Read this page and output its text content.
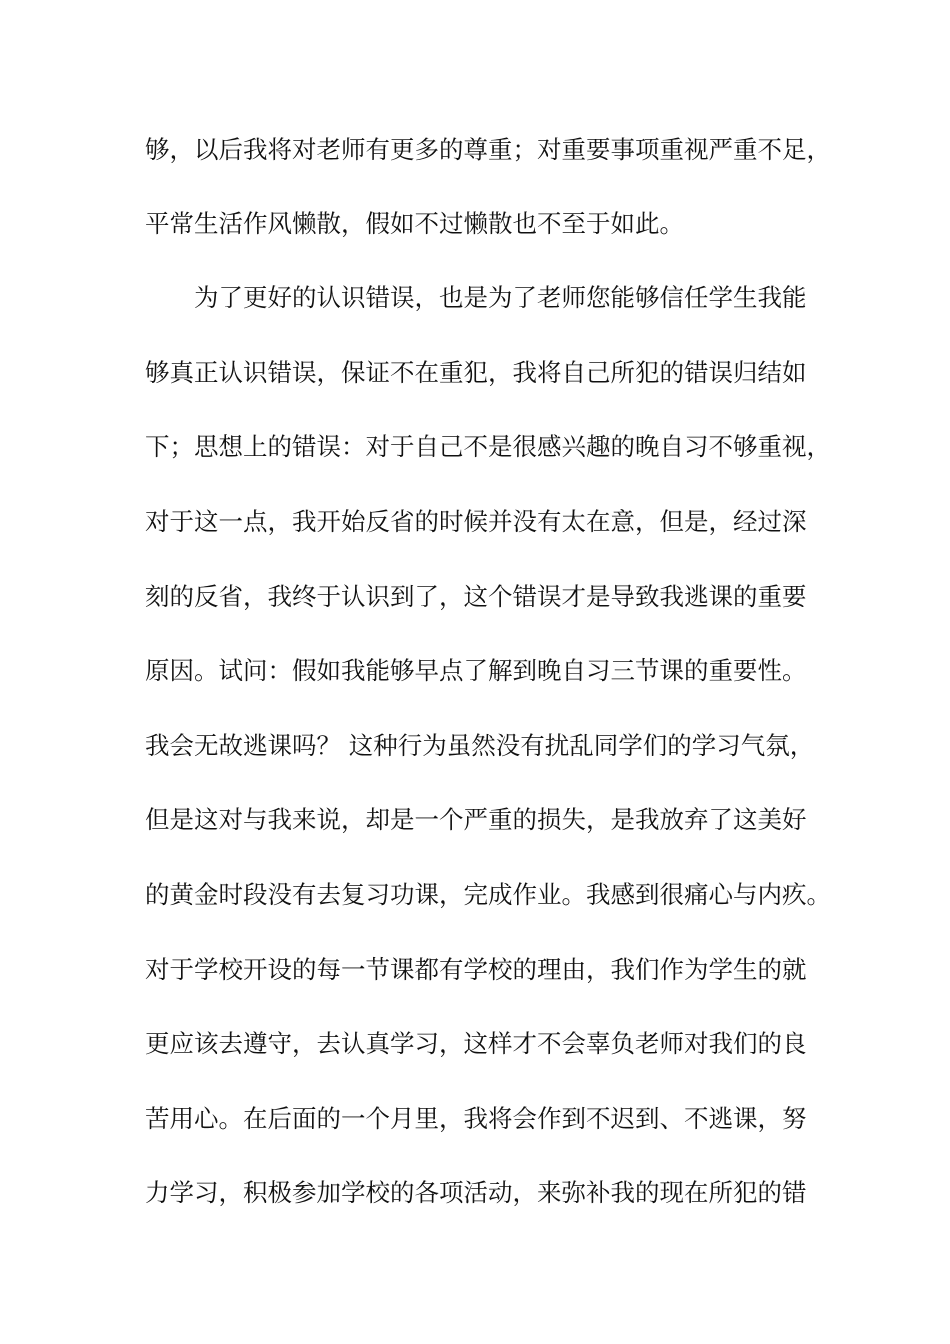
够，以后我将对老师有更多的尊重；对重要事项重视严重不足，
平常生活作风懒散，假如不过懒散也不至于如此。
为了更好的认识错误，也是为了老师您能够信任学生我能
够真正认识错误，保证不在重犯，我将自己所犯的错误归结如
下；思想上的错误：对于自己不是很感兴趣的晚自习不够重视，
对于这一点，我开始反省的时候并没有太在意，但是，经过深
刻的反省，我终于认识到了，这个错误才是导致我逃课的重要
原因。试问：假如我能够早点了解到晚自习三节课的重要性。
我会无故逃课吗？ 这种行为虽然没有扰乱同学们的学习气氛，
但是这对与我来说，却是一个严重的损失，是我放弃了这美好
的黄金时段没有去复习功课，完成作业。我感到很痛心与内疚。
对于学校开设的每一节课都有学校的理由，我们作为学生的就
更应该去遵守，去认真学习，这样才不会辜负老师对我们的良
苦用心。在后面的一个月里，我将会作到不迟到、不逃课，努
力学习，积极参加学校的各项活动，来弥补我的现在所犯的错
